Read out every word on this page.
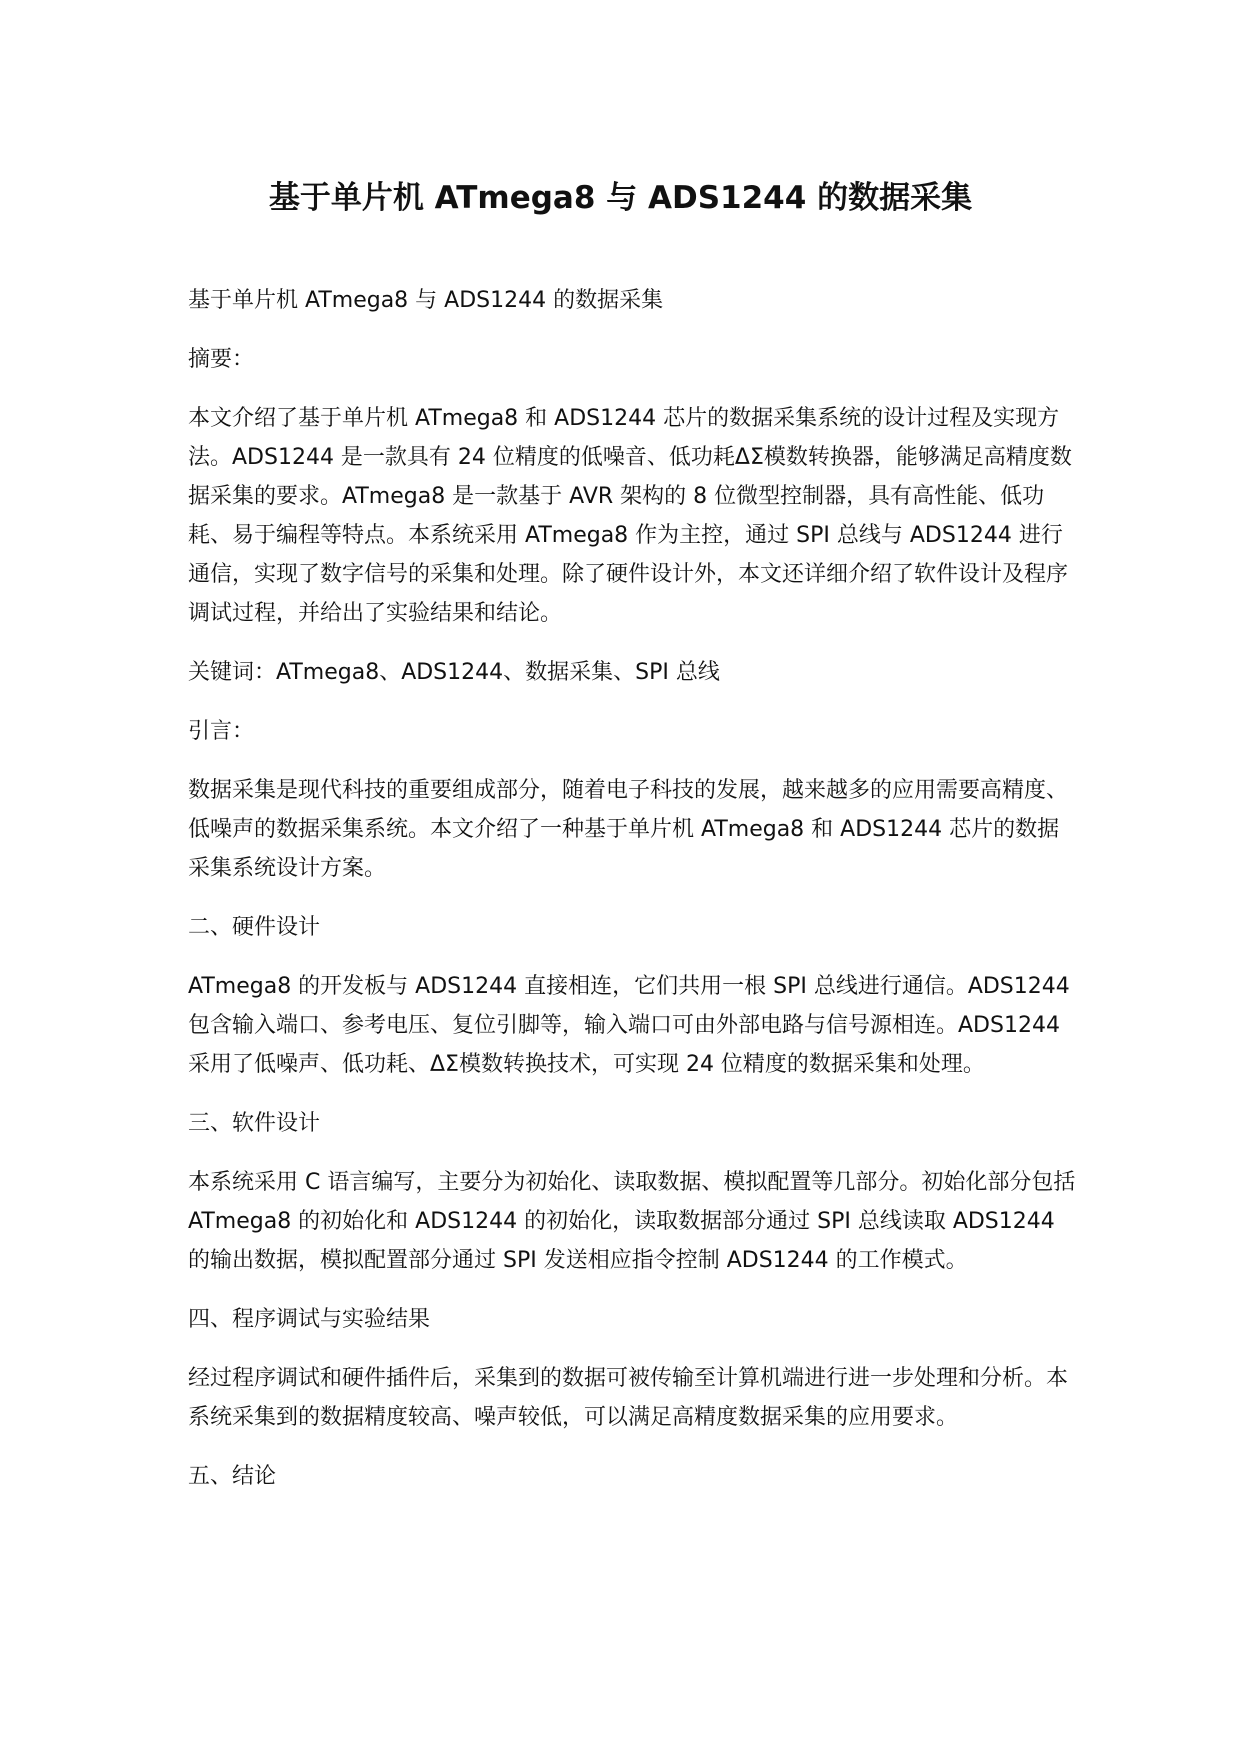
基于单片机 ATmega8 与 ADS1244 的数据采集

基于单片机 ATmega8 与 ADS1244 的数据采集

摘要：

本文介绍了基于单片机 ATmega8 和 ADS1244 芯片的数据采集系统的设计过程及实现方法。ADS1244 是一款具有 24 位精度的低噪音、低功耗ΔΣ模数转换器，能够满足高精度数据采集的要求。ATmega8 是一款基于 AVR 架构的 8 位微型控制器，具有高性能、低功耗、易于编程等特点。本系统采用 ATmega8 作为主控，通过 SPI 总线与 ADS1244 进行通信，实现了数字信号的采集和处理。除了硬件设计外，本文还详细介绍了软件设计及程序调试过程，并给出了实验结果和结论。

关键词：ATmega8、ADS1244、数据采集、SPI 总线

引言：

数据采集是现代科技的重要组成部分，随着电子科技的发展，越来越多的应用需要高精度、低噪声的数据采集系统。本文介绍了一种基于单片机 ATmega8 和 ADS1244 芯片的数据采集系统设计方案。

二、硬件设计

ATmega8 的开发板与 ADS1244 直接相连，它们共用一根 SPI 总线进行通信。ADS1244 包含输入端口、参考电压、复位引脚等，输入端口可由外部电路与信号源相连。ADS1244 采用了低噪声、低功耗、ΔΣ模数转换技术，可实现 24 位精度的数据采集和处理。

三、软件设计

本系统采用 C 语言编写，主要分为初始化、读取数据、模拟配置等几部分。初始化部分包括 ATmega8 的初始化和 ADS1244 的初始化，读取数据部分通过 SPI 总线读取 ADS1244 的输出数据，模拟配置部分通过 SPI 发送相应指令控制 ADS1244 的工作模式。

四、程序调试与实验结果

经过程序调试和硬件插件后，采集到的数据可被传输至计算机端进行进一步处理和分析。本系统采集到的数据精度较高、噪声较低，可以满足高精度数据采集的应用要求。

五、结论
